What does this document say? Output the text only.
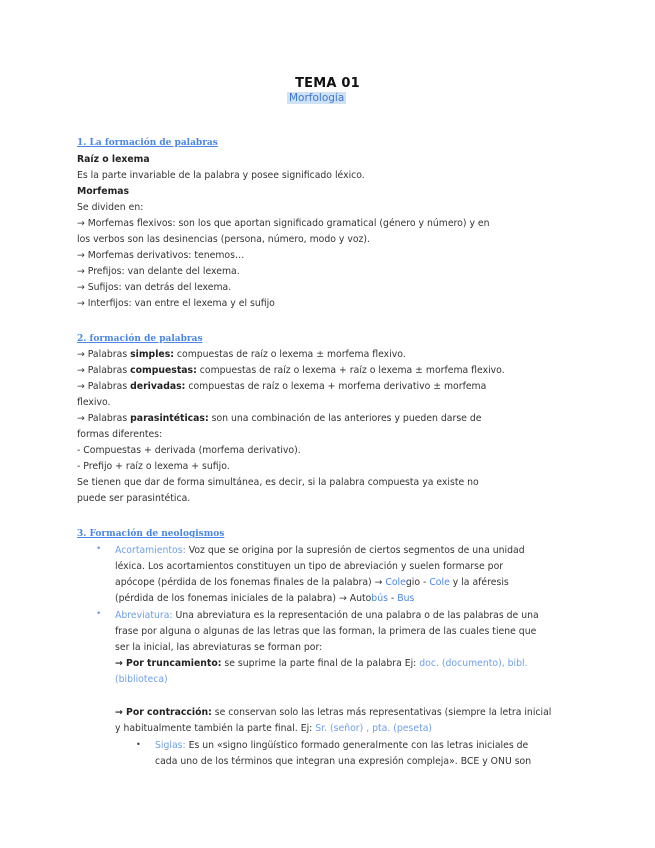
TEMA 01
Morfología
1. La formación de palabras
Raíz o lexema
Es la parte invariable de la palabra y posee significado léxico.
Morfemas
Se dividen en:
→ Morfemas flexivos: son los que aportan significado gramatical (género y número) y en
los verbos son las desinencias (persona, número, modo y voz).
→ Morfemas derivativos: tenemos…
→ Prefijos: van delante del lexema.
→ Sufijos: van detrás del lexema.
→ Interfijos: van entre el lexema y el sufijo
2. formación de palabras
→ Palabras simples: compuestas de raíz o lexema ± morfema flexivo.
→ Palabras compuestas: compuestas de raíz o lexema + raíz o lexema ± morfema flexivo.
→ Palabras derivadas: compuestas de raíz o lexema + morfema derivativo ± morfema
flexivo.
→ Palabras parasintéticas: son una combinación de las anteriores y pueden darse de
formas diferentes:
- Compuestas + derivada (morfema derivativo).
- Prefijo + raíz o lexema + sufijo.
Se tienen que dar de forma simultánea, es decir, si la palabra compuesta ya existe no
puede ser parasintética.
3. Formación de neologismos
• Acortamientos: Voz que se origina por la supresión de ciertos segmentos de una unidad
léxica. Los acortamientos constituyen un tipo de abreviación y suelen formarse por
apócope (pérdida de los fonemas finales de la palabra) → Colegio - Cole y la aféresis
(pérdida de los fonemas iniciales de la palabra) → Autobús - Bus
• Abreviatura: Una abreviatura es la representación de una palabra o de las palabras de una
frase por alguna o algunas de las letras que las forman, la primera de las cuales tiene que
ser la inicial, las abreviaturas se forman por:
→ Por truncamiento: se suprime la parte final de la palabra Ej: doc. (documento), bibl.
(biblioteca)
→ Por contracción: se conservan solo las letras más representativas (siempre la letra inicial
y habitualmente también la parte final. Ej: Sr. (señor) , pta. (peseta)
• Siglas: Es un «signo lingüístico formado generalmente con las letras iniciales de
cada uno de los términos que integran una expresión compleja». BCE y ONU son
